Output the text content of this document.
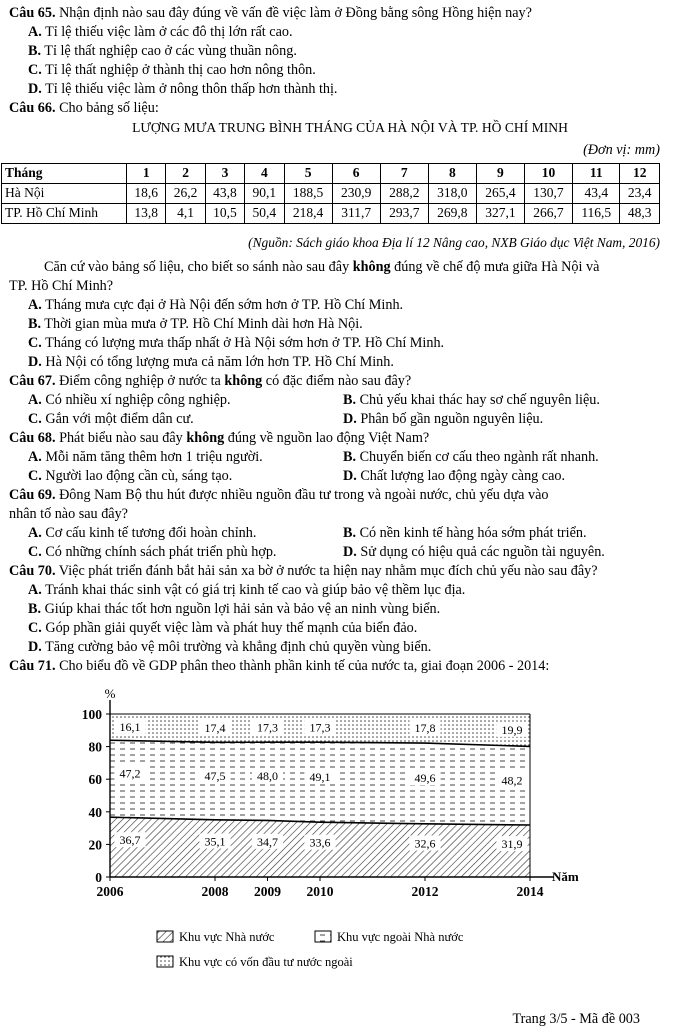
Câu 65. Nhận định nào sau đây đúng về vấn đề việc làm ở Đồng bằng sông Hồng hiện nay?
A. Tỉ lệ thiếu việc làm ở các đô thị lớn rất cao.
B. Tỉ lệ thất nghiệp cao ở các vùng thuần nông.
C. Tỉ lệ thất nghiệp ở thành thị cao hơn nông thôn.
D. Tỉ lệ thiếu việc làm ở nông thôn thấp hơn thành thị.
Câu 66. Cho bảng số liệu:
LƯỢNG MƯA TRUNG BÌNH THÁNG CỦA HÀ NỘI VÀ TP. HỒ CHÍ MINH
(Đơn vị: mm)
Tháng	1	2	3	4	5	6	7	8	9	10	11	12
Hà Nội	18,6	26,2	43,8	90,1	188,5	230,9	288,2	318,0	265,4	130,7	43,4	23,4
TP. Hồ Chí Minh	13,8	4,1	10,5	50,4	218,4	311,7	293,7	269,8	327,1	266,7	116,5	48,3
(Nguồn: Sách giáo khoa Địa lí 12 Nâng cao, NXB Giáo dục Việt Nam, 2016)
Căn cứ vào bảng số liệu, cho biết so sánh nào sau đây không đúng về chế độ mưa giữa Hà Nội và
TP. Hồ Chí Minh?
A. Tháng mưa cực đại ở Hà Nội đến sớm hơn ở TP. Hồ Chí Minh.
B. Thời gian mùa mưa ở TP. Hồ Chí Minh dài hơn Hà Nội.
C. Tháng có lượng mưa thấp nhất ở Hà Nội sớm hơn ở TP. Hồ Chí Minh.
D. Hà Nội có tổng lượng mưa cả năm lớn hơn TP. Hồ Chí Minh.
Câu 67. Điểm công nghiệp ở nước ta không có đặc điểm nào sau đây?
A. Có nhiều xí nghiệp công nghiệp.	B. Chủ yếu khai thác hay sơ chế nguyên liệu.
C. Gắn với một điểm dân cư.	D. Phân bố gần nguồn nguyên liệu.
Câu 68. Phát biểu nào sau đây không đúng về nguồn lao động Việt Nam?
A. Mỗi năm tăng thêm hơn 1 triệu người.	B. Chuyển biến cơ cấu theo ngành rất nhanh.
C. Người lao động cần cù, sáng tạo.	D. Chất lượng lao động ngày càng cao.
Câu 69. Đông Nam Bộ thu hút được nhiều nguồn đầu tư trong và ngoài nước, chủ yếu dựa vào
nhân tố nào sau đây?
A. Cơ cấu kinh tế tương đối hoàn chỉnh.	B. Có nền kinh tế hàng hóa sớm phát triển.
C. Có những chính sách phát triển phù hợp.	D. Sử dụng có hiệu quả các nguồn tài nguyên.
Câu 70. Việc phát triển đánh bắt hải sản xa bờ ở nước ta hiện nay nhằm mục đích chủ yếu nào sau đây?
A. Tránh khai thác sinh vật có giá trị kinh tế cao và giúp bảo vệ thềm lục địa.
B. Giúp khai thác tốt hơn nguồn lợi hải sản và bảo vệ an ninh vùng biển.
C. Góp phần giải quyết việc làm và phát huy thế mạnh của biển đảo.
D. Tăng cường bảo vệ môi trường và khẳng định chủ quyền vùng biển.
Câu 71. Cho biểu đồ về GDP phân theo thành phần kinh tế của nước ta, giai đoạn 2006 - 2014:
%
Năm
0
20
40
60
80
100
2006	2008 2009 2010	2012	2014
36,7
47,2
16,1
35,1
47,5
17,4
34,7
48,0
17,3
33,6
49,1
17,3
32,6
49,6
17,8
31,9
48,2
19,9
Khu vực Nhà nước	Khu vực ngoài Nhà nước
Khu vực có vốn đầu tư nước ngoài
Trang 3/5 - Mã đề 003
